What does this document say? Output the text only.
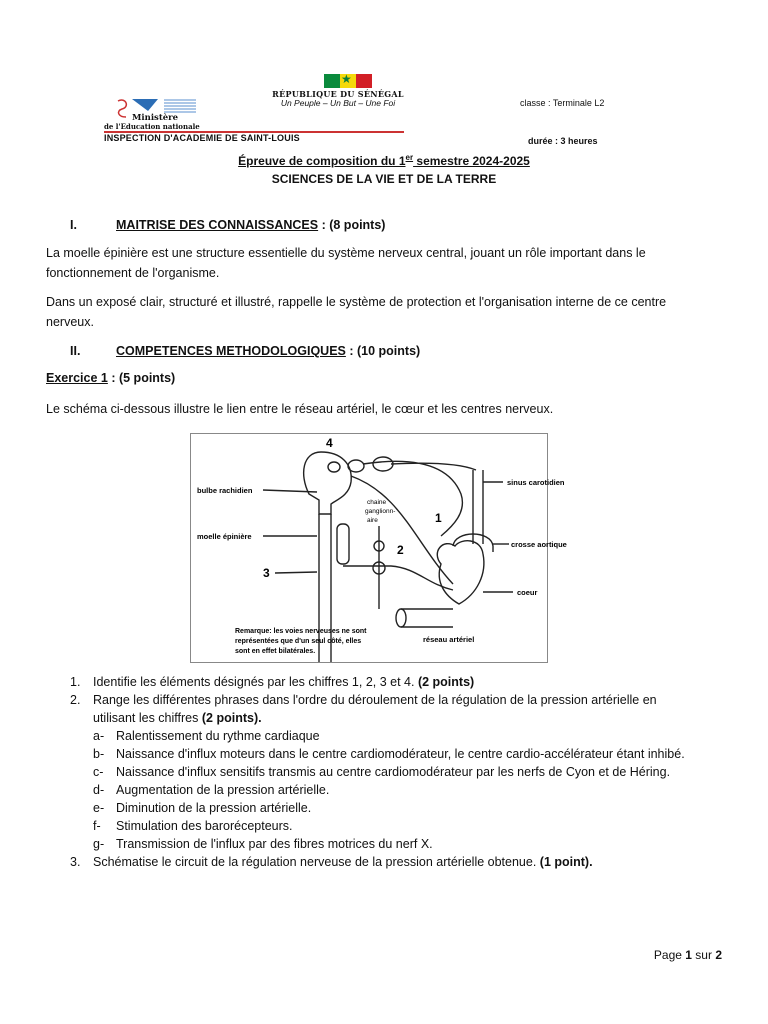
★
RÉPUBLIQUE DU SÉNÉGAL
Un Peuple – Un But – Une Foi
Ministère
de l'Education nationale
INSPECTION D'ACADEMIE DE SAINT-LOUIS
classe : Terminale L2
durée : 3 heures
Épreuve de composition du 1er semestre 2024-2025
SCIENCES DE LA VIE ET DE LA TERRE
I.	MAITRISE DES CONNAISSANCES : (8 points)
La moelle épinière est une structure essentielle du système nerveux central, jouant un rôle important dans le
fonctionnement de l'organisme.
Dans un exposé clair, structuré et illustré, rappelle le système de protection et l'organisation interne de ce centre
nerveux.
II.	COMPETENCES METHODOLOGIQUES : (10 points)
Exercice 1 : (5 points)
Le schéma ci-dessous illustre le lien entre le réseau artériel, le cœur et les centres nerveux.
bulbe rachidien
moelle épinière
chaine
ganglionn-
aire
sinus carotidien
crosse aortique
coeur
réseau artériel
1
2
3
4
Remarque: les voies nerveuses ne sont
représentées que d'un seul côté, elles
sont en effet bilatérales.
1. Identifie les éléments désignés par les chiffres 1, 2, 3 et 4. (2 points)
2. Range les différentes phrases dans l'ordre du déroulement de la régulation de la pression artérielle en
utilisant les chiffres (2 points).
a- Ralentissement du rythme cardiaque
b- Naissance d'influx moteurs dans le centre cardiomodérateur, le centre cardio-accélérateur étant inhibé.
c- Naissance d'influx sensitifs transmis au centre cardiomodérateur par les nerfs de Cyon et de Héring.
d- Augmentation de la pression artérielle.
e- Diminution de la pression artérielle.
f- Stimulation des barorécepteurs.
g- Transmission de l'influx par des fibres motrices du nerf X.
3. Schématise le circuit de la régulation nerveuse de la pression artérielle obtenue. (1 point).
Page 1 sur 2
